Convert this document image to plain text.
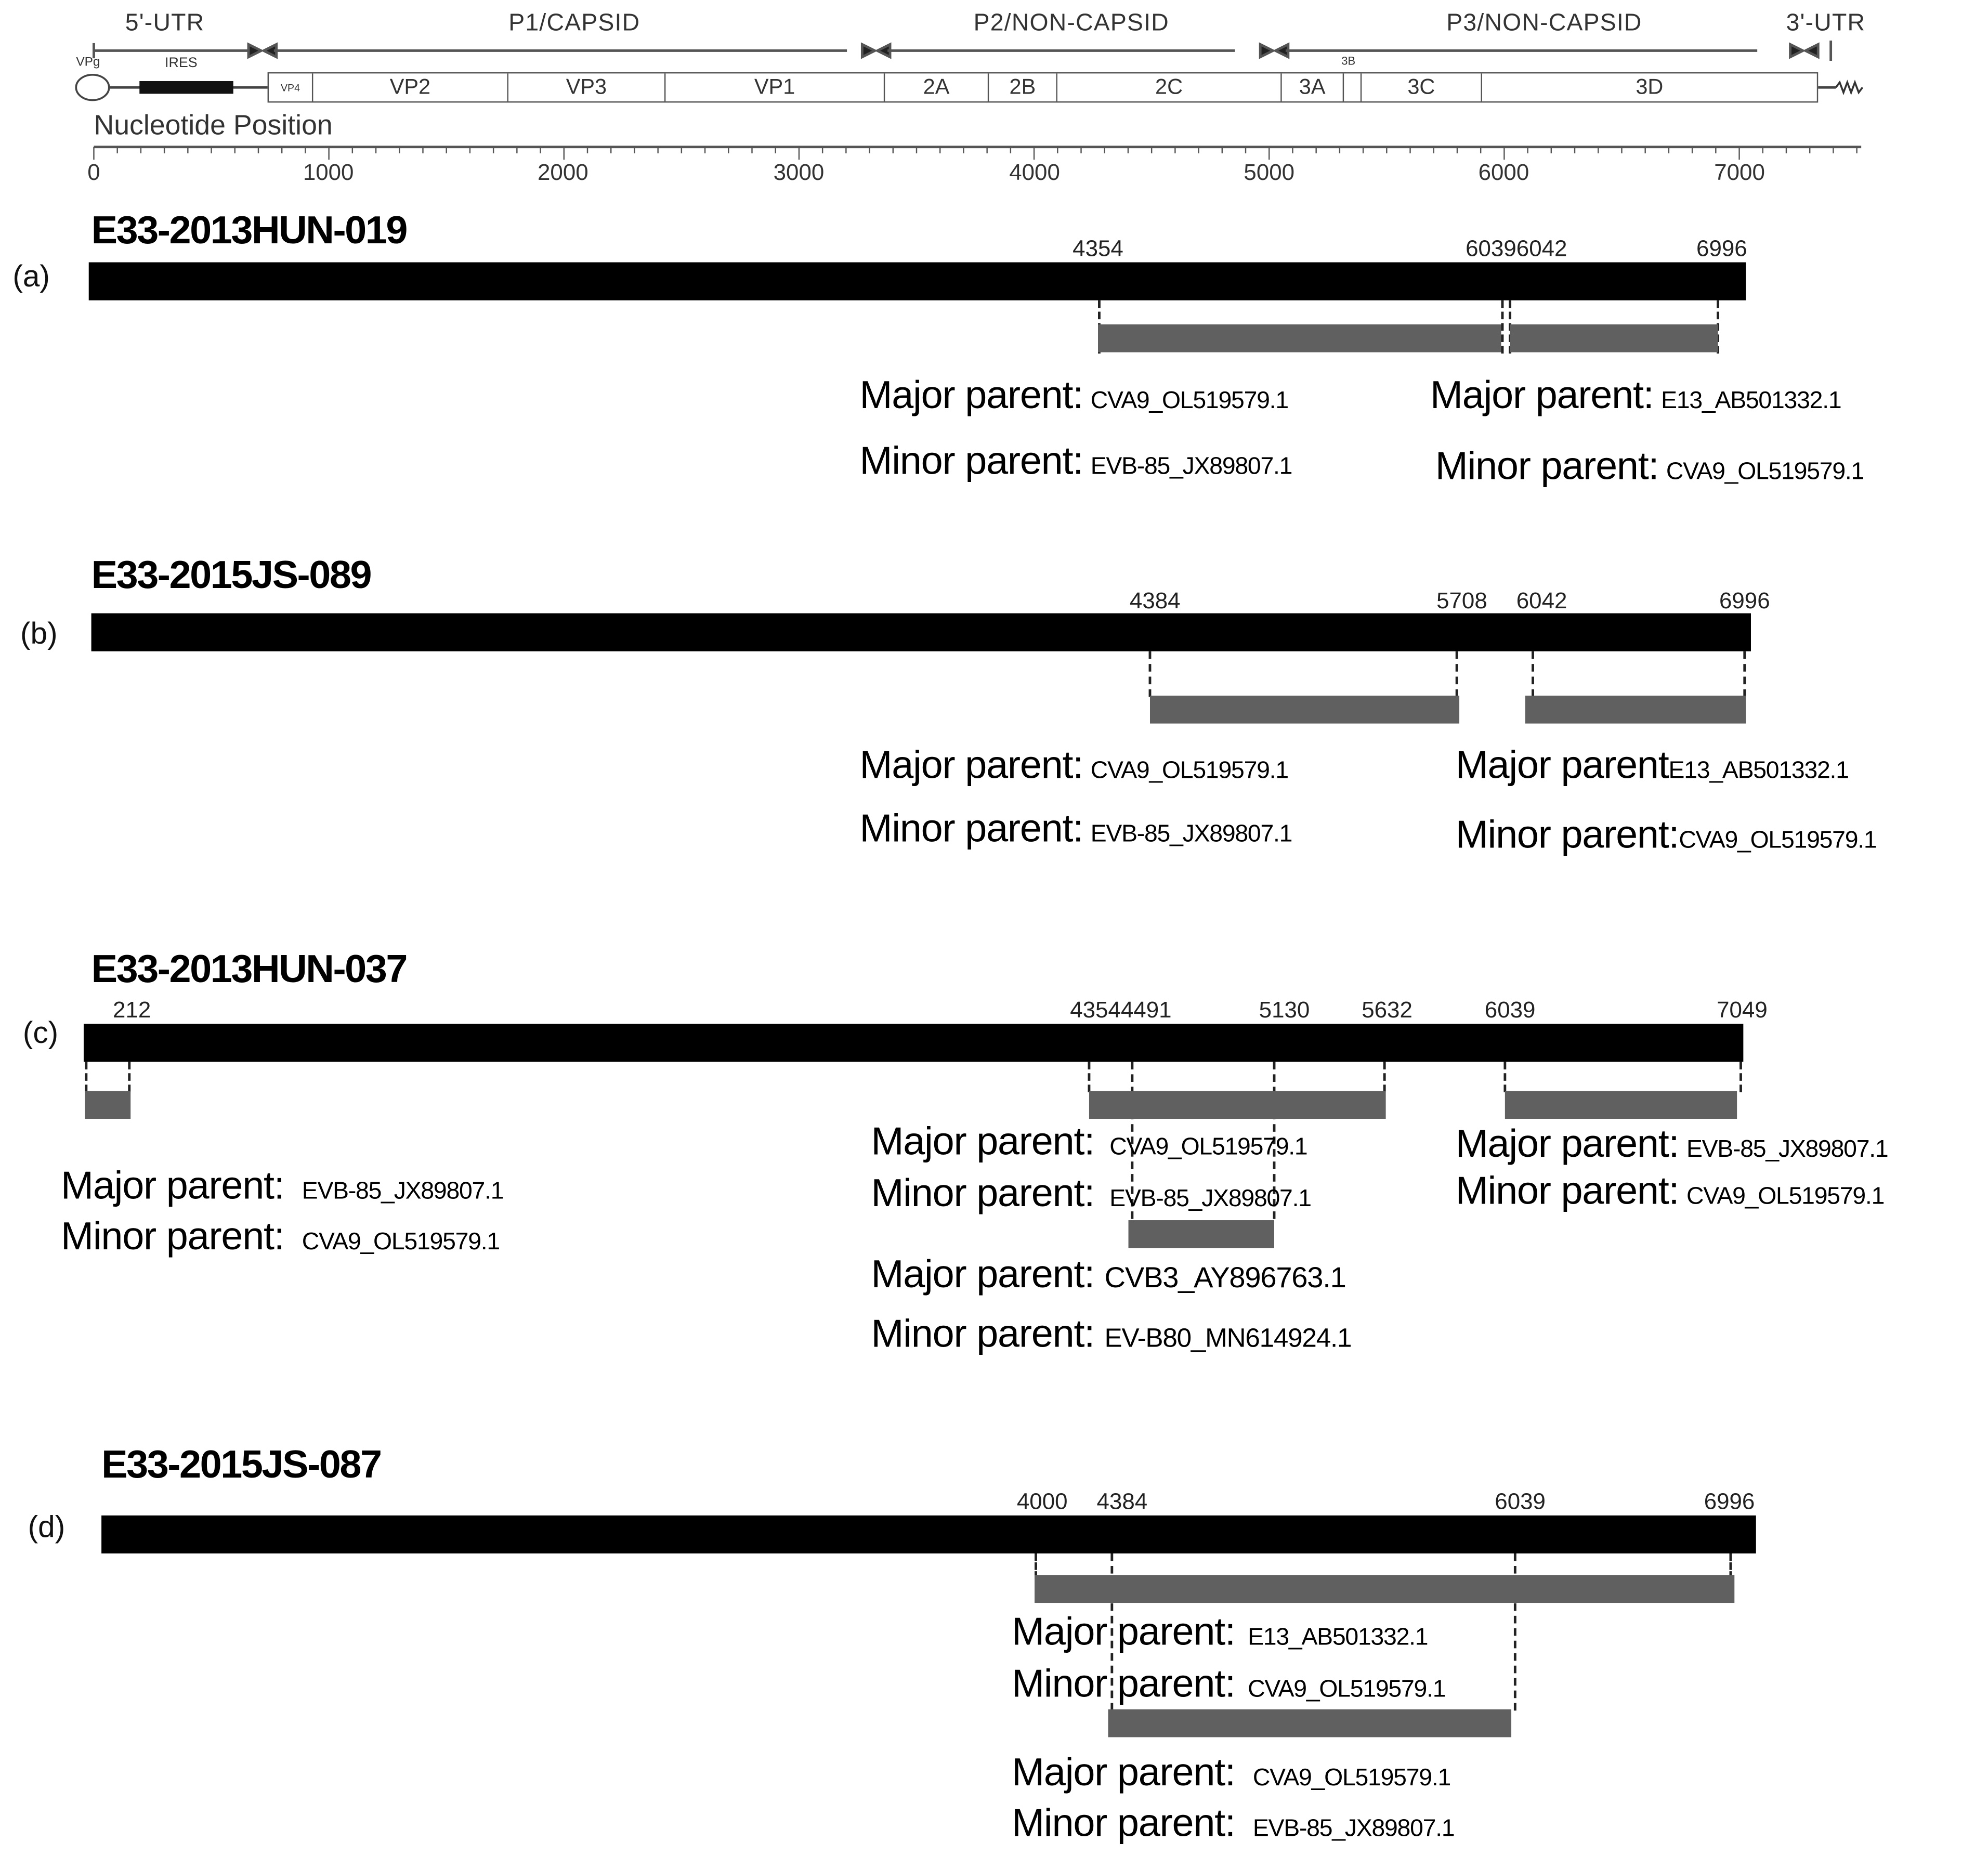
5'-UTR	P1/CAPSID	P2/NON-CAPSID	P3/NON-CAPSID	3'-UTR
VPg	IRES	3B
VP4	VP2	VP3	VP1	2A	2B	2C	3A	3C	3D
Nucleotide Position
0	1000	2000	3000	4000	5000	6000	7000
E33-2013HUN-019
(a)
4354	60396042	6996
Major parent: CVA9_OL519579.1
Minor parent: EVB-85_JX89807.1
Major parent: E13_AB501332.1
Minor parent: CVA9_OL519579.1
E33-2015JS-089
(b)
4384	5708	6042	6996
Major parent: CVA9_OL519579.1
Minor parent: EVB-85_JX89807.1
Major parentE13_AB501332.1
Minor parent:CVA9_OL519579.1
E33-2013HUN-037
(c)
212	43544491	5130	5632	6039	7049
Major parent: EVB-85_JX89807.1
Minor parent: CVA9_OL519579.1
Major parent: CVA9_OL519579.1
Minor parent: EVB-85_JX89807.1
Major parent: CVB3_AY896763.1
Minor parent: EV-B80_MN614924.1
Major parent: EVB-85_JX89807.1
Minor parent: CVA9_OL519579.1
E33-2015JS-087
(d)
4000	4384	6039	6996
Major parent: E13_AB501332.1
Minor parent: CVA9_OL519579.1
Major parent: CVA9_OL519579.1
Minor parent: EVB-85_JX89807.1
